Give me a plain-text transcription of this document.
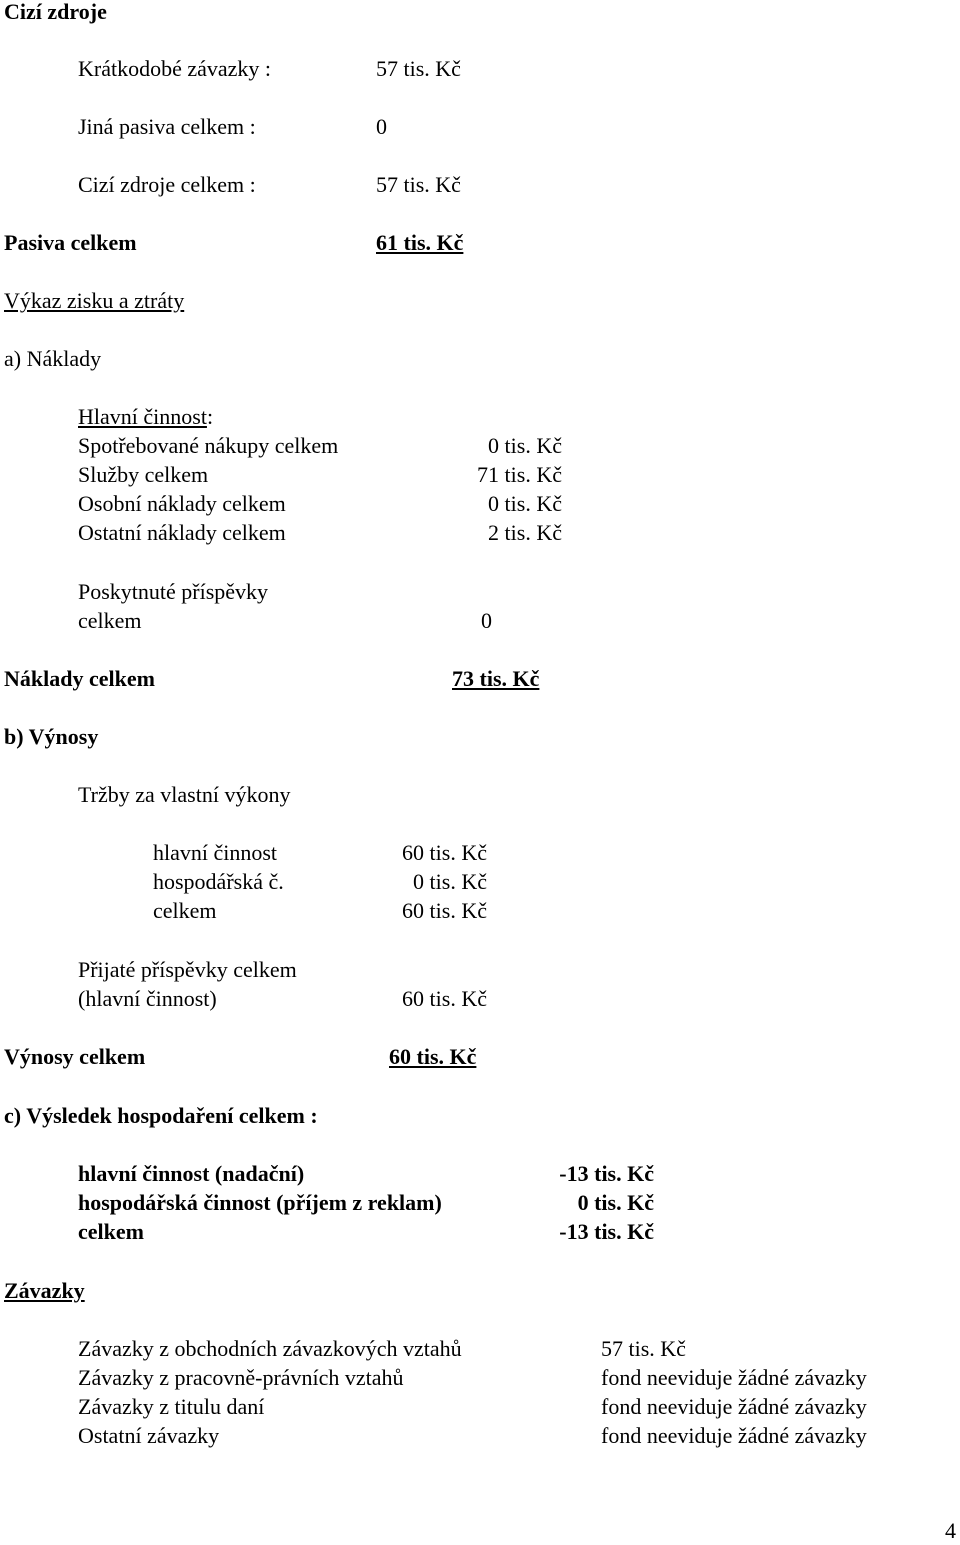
Cizí zdroje
Krátkodobé závazky :	57 tis. Kč
Jiná pasiva celkem :	0
Cizí zdroje celkem :	57 tis. Kč
Pasiva celkem	61 tis. Kč
Výkaz zisku a ztráty
a) Náklady
Hlavní činnost:
Spotřebované nákupy celkem	0 tis. Kč
Služby celkem	71 tis. Kč
Osobní náklady celkem	0 tis. Kč
Ostatní náklady celkem	2 tis. Kč
Poskytnuté příspěvky
celkem	0
Náklady celkem	73 tis. Kč
b) Výnosy
Tržby za vlastní výkony
hlavní činnost	60 tis. Kč
hospodářská č.	0 tis. Kč
celkem	60 tis. Kč
Přijaté příspěvky celkem
(hlavní činnost)	60 tis. Kč
Výnosy celkem	60 tis. Kč
c) Výsledek hospodaření celkem :
hlavní činnost (nadační)	-13 tis. Kč
hospodářská činnost (příjem z reklam)	0 tis. Kč
celkem	-13 tis. Kč
Závazky
Závazky z obchodních závazkových vztahů	57 tis. Kč
Závazky z pracovně-právních vztahů	fond neeviduje žádné závazky
Závazky z titulu daní	fond neeviduje žádné závazky
Ostatní závazky	fond neeviduje žádné závazky
4
